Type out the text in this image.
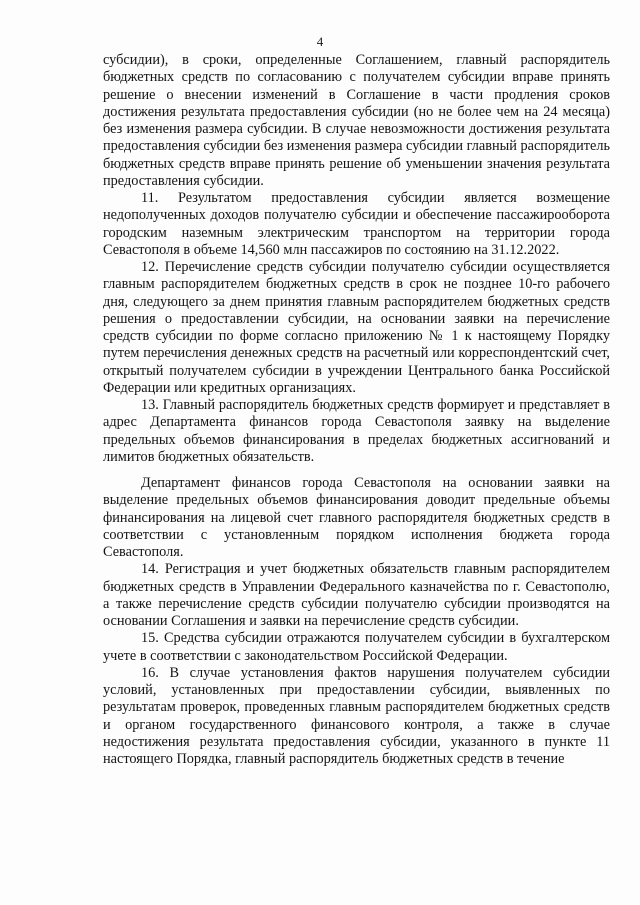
4

субсидии), в сроки, определенные Соглашением, главный распорядитель бюджетных средств по согласованию с получателем субсидии вправе принять решение о внесении изменений в Соглашение в части продления сроков достижения результата предоставления субсидии (но не более чем на 24 месяца) без изменения размера субсидии. В случае невозможности достижения результата предоставления субсидии без изменения размера субсидии главный распорядитель бюджетных средств вправе принять решение об уменьшении значения результата предоставления субсидии.

11. Результатом предоставления субсидии является возмещение недополученных доходов получателю субсидии и обеспечение пассажирооборота городским наземным электрическим транспортом на территории города Севастополя в объеме 14,560 млн пассажиров по состоянию на 31.12.2022.

12. Перечисление средств субсидии получателю субсидии осуществляется главным распорядителем бюджетных средств в срок не позднее 10-го рабочего дня, следующего за днем принятия главным распорядителем бюджетных средств решения о предоставлении субсидии, на основании заявки на перечисление средств субсидии по форме согласно приложению № 1 к настоящему Порядку путем перечисления денежных средств на расчетный или корреспондентский счет, открытый получателем субсидии в учреждении Центрального банка Российской Федерации или кредитных организациях.

13. Главный распорядитель бюджетных средств формирует и представляет в адрес Департамента финансов города Севастополя заявку на выделение предельных объемов финансирования в пределах бюджетных ассигнований и лимитов бюджетных обязательств.

Департамент финансов города Севастополя на основании заявки на выделение предельных объемов финансирования доводит предельные объемы финансирования на лицевой счет главного распорядителя бюджетных средств в соответствии с установленным порядком исполнения бюджета города Севастополя.

14. Регистрация и учет бюджетных обязательств главным распорядителем бюджетных средств в Управлении Федерального казначейства по г. Севастополю, а также перечисление средств субсидии получателю субсидии производятся на основании Соглашения и заявки на перечисление средств субсидии.

15. Средства субсидии отражаются получателем субсидии в бухгалтерском учете в соответствии с законодательством Российской Федерации.

16. В случае установления фактов нарушения получателем субсидии условий, установленных при предоставлении субсидии, выявленных по результатам проверок, проведенных главным распорядителем бюджетных средств и органом государственного финансового контроля, а также в случае недостижения результата предоставления субсидии, указанного в пункте 11 настоящего Порядка, главный распорядитель бюджетных средств в течение
